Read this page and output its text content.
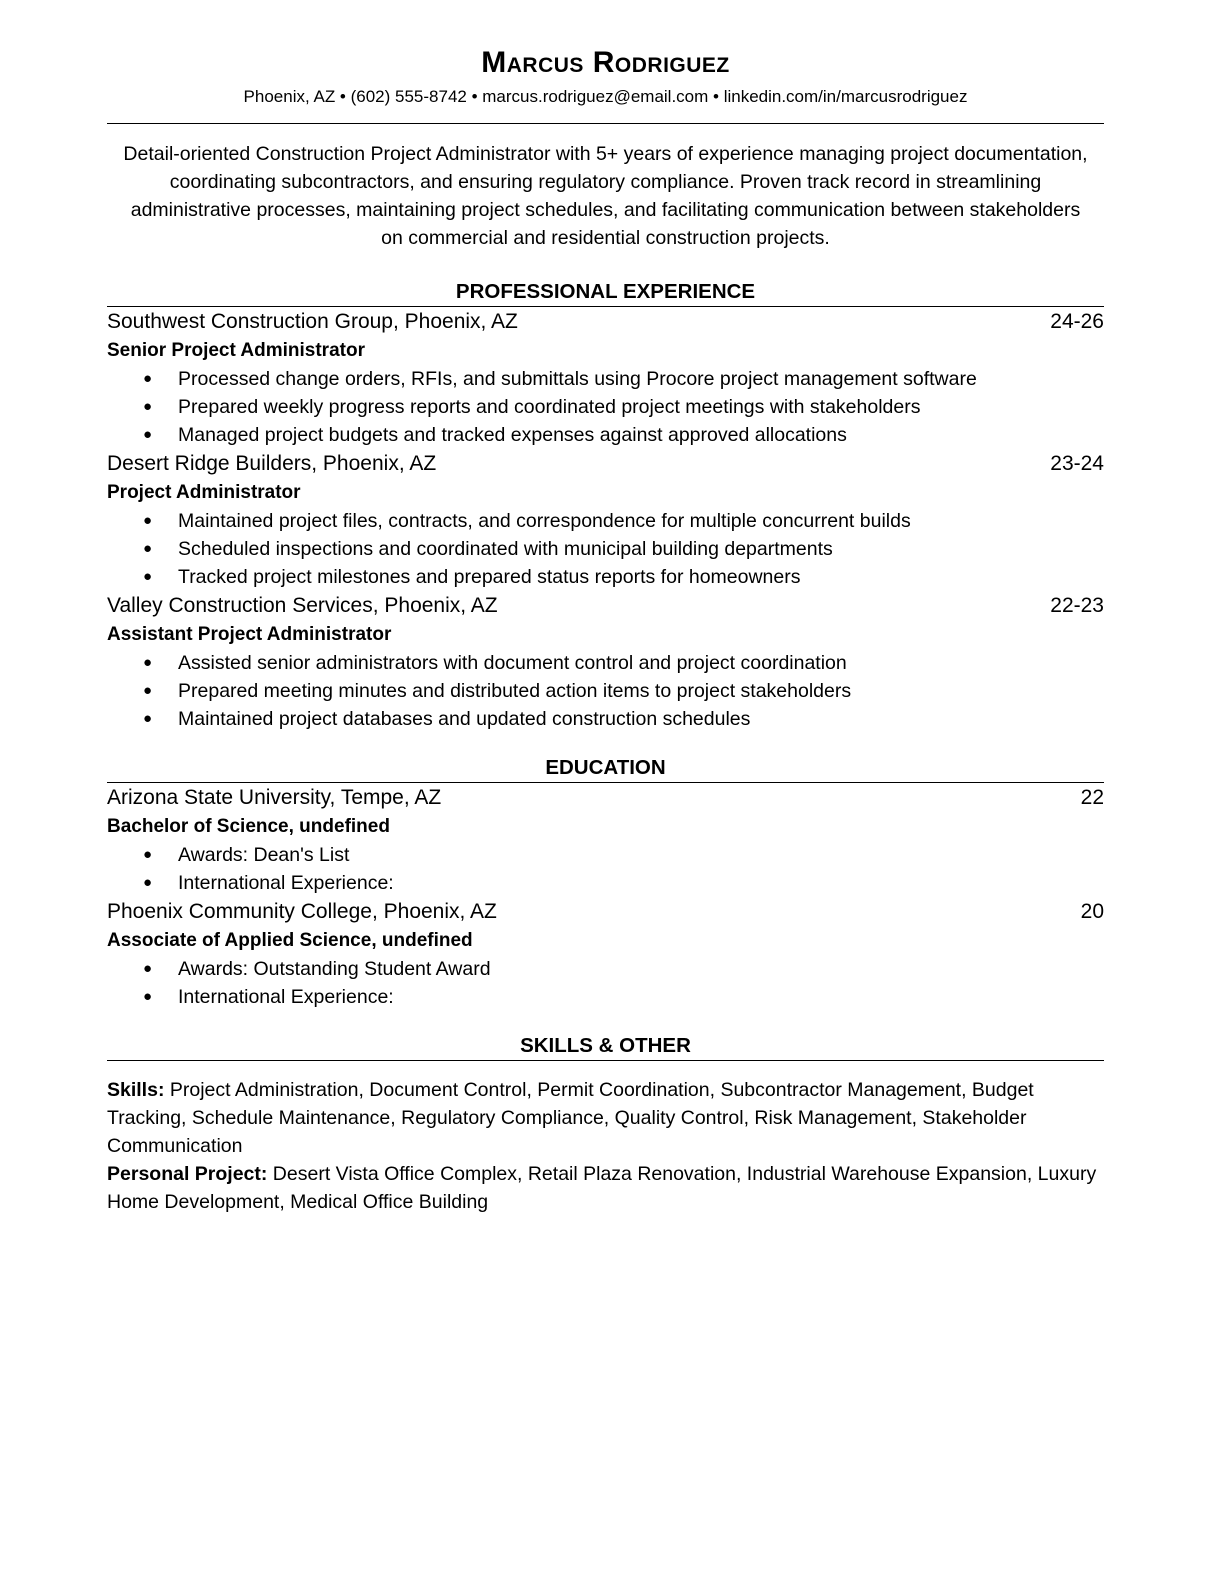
Marcus Rodriguez
Phoenix, AZ • (602) 555-8742 • marcus.rodriguez@email.com • linkedin.com/in/marcusrodriguez
Detail-oriented Construction Project Administrator with 5+ years of experience managing project documentation, coordinating subcontractors, and ensuring regulatory compliance. Proven track record in streamlining administrative processes, maintaining project schedules, and facilitating communication between stakeholders on commercial and residential construction projects.
PROFESSIONAL EXPERIENCE
Southwest Construction Group, Phoenix, AZ	24-26
Senior Project Administrator
● Processed change orders, RFIs, and submittals using Procore project management software
● Prepared weekly progress reports and coordinated project meetings with stakeholders
● Managed project budgets and tracked expenses against approved allocations
Desert Ridge Builders, Phoenix, AZ	23-24
Project Administrator
● Maintained project files, contracts, and correspondence for multiple concurrent builds
● Scheduled inspections and coordinated with municipal building departments
● Tracked project milestones and prepared status reports for homeowners
Valley Construction Services, Phoenix, AZ	22-23
Assistant Project Administrator
● Assisted senior administrators with document control and project coordination
● Prepared meeting minutes and distributed action items to project stakeholders
● Maintained project databases and updated construction schedules
EDUCATION
Arizona State University, Tempe, AZ	22
Bachelor of Science, undefined
● Awards: Dean's List
● International Experience:
Phoenix Community College, Phoenix, AZ	20
Associate of Applied Science, undefined
● Awards: Outstanding Student Award
● International Experience:
SKILLS & OTHER
Skills: Project Administration, Document Control, Permit Coordination, Subcontractor Management, Budget Tracking, Schedule Maintenance, Regulatory Compliance, Quality Control, Risk Management, Stakeholder Communication
Personal Project: Desert Vista Office Complex, Retail Plaza Renovation, Industrial Warehouse Expansion, Luxury Home Development, Medical Office Building
